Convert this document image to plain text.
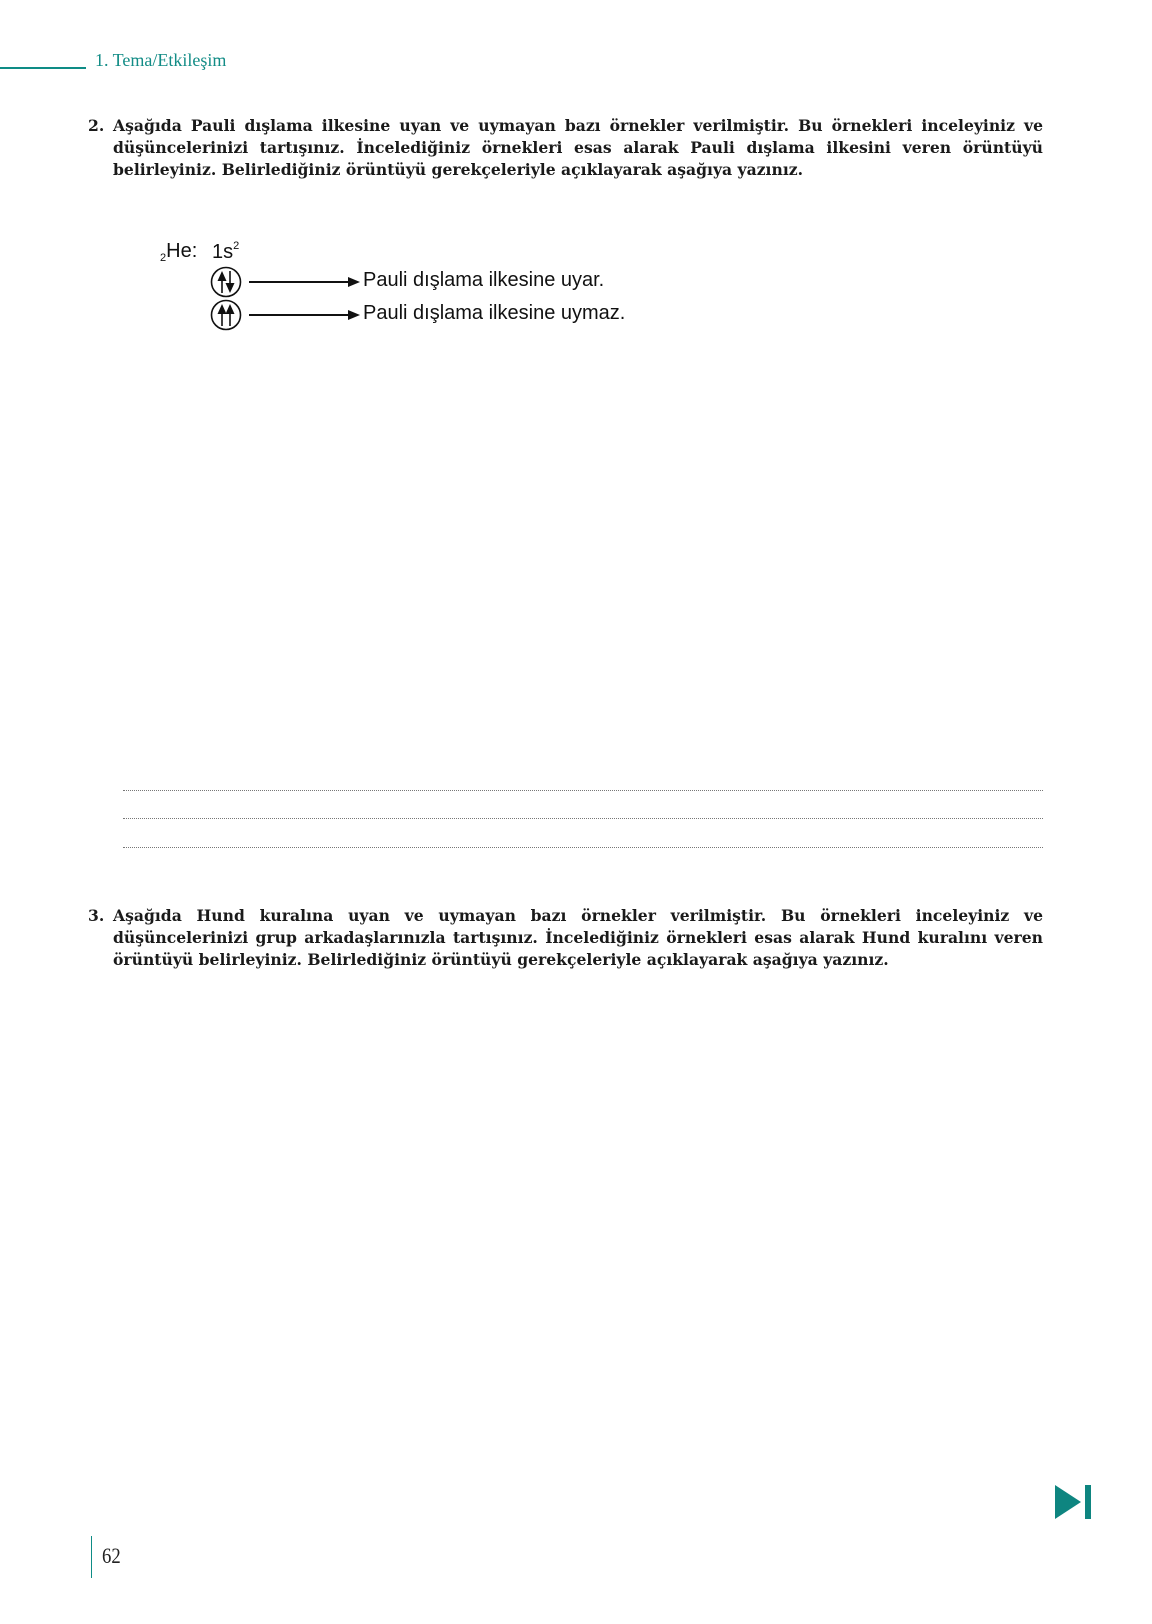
1. Tema/Etkileşim
2. Aşağıda Pauli dışlama ilkesine uyan ve uymayan bazı örnekler verilmiştir. Bu örnekleri inceleyiniz ve düşüncelerinizi tartışınız. İncelediğiniz örnekleri esas alarak Pauli dışlama ilkesini veren örüntüyü belirleyiniz. Belirlediğiniz örüntüyü gerekçeleriyle açıklayarak aşağıya yazınız.
$_2$He: $1s^2$
Pauli dışlama ilkesine uyar.
Pauli dışlama ilkesine uymaz.
3. Aşağıda Hund kuralına uyan ve uymayan bazı örnekler verilmiştir. Bu örnekleri inceleyiniz ve düşüncelerinizi grup arkadaşlarınızla tartışınız. İncelediğiniz örnekleri esas alarak Hund kuralını veren örüntüyü belirleyiniz. Belirlediğiniz örüntüyü gerekçeleriyle açıklayarak aşağıya yazınız.
62
